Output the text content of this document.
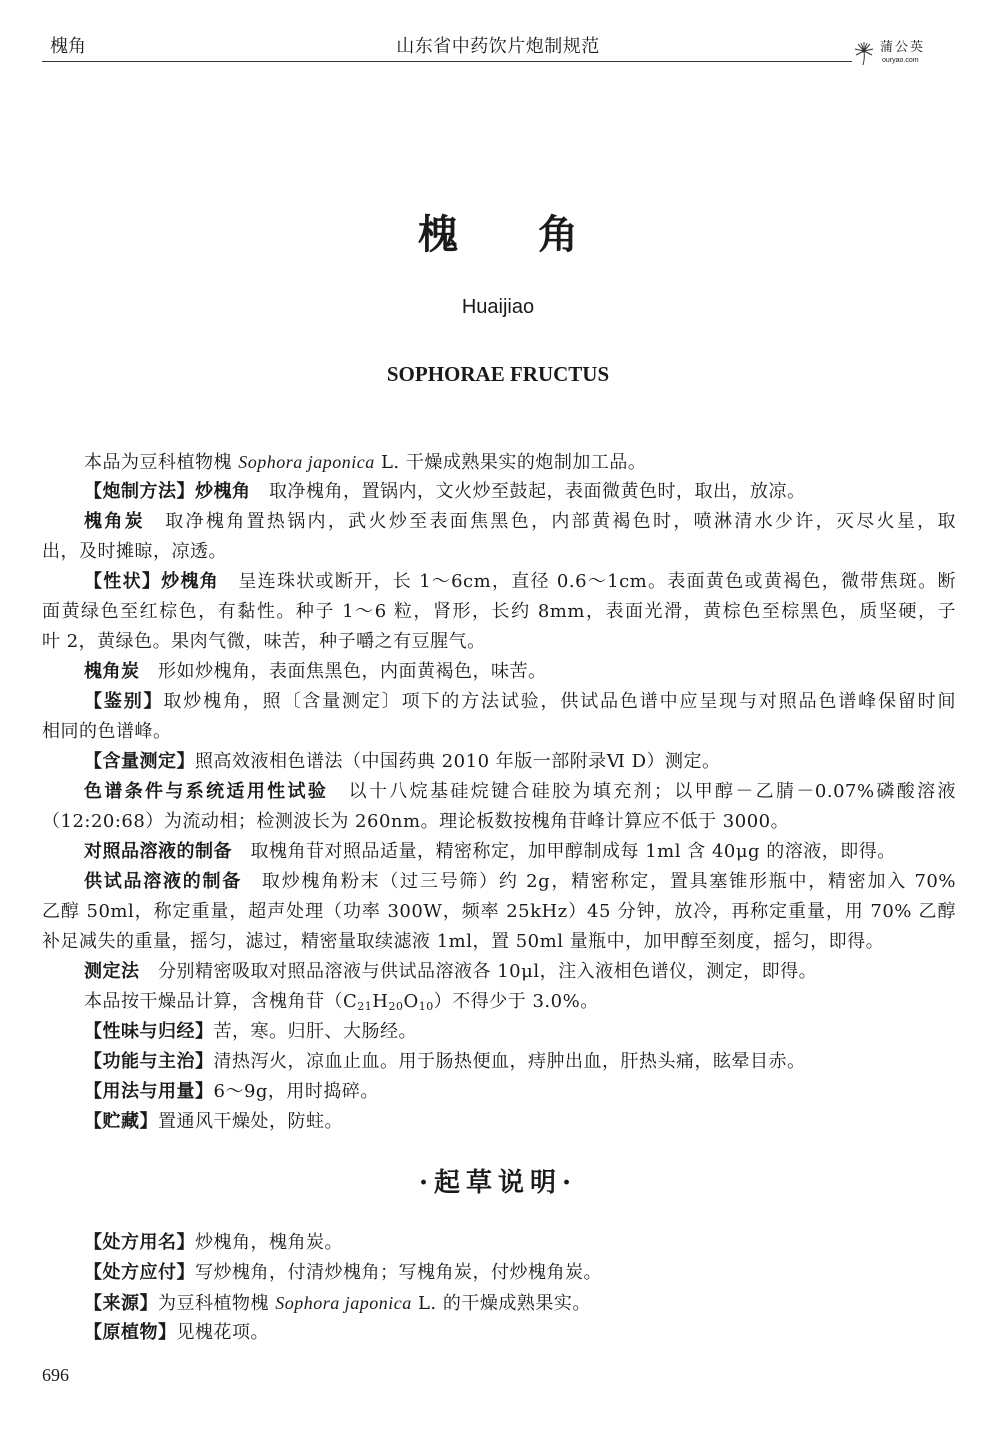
槐角	山东省中药饮片炮制规范	蒲公英
ouryao.com
槐　　角
Huaijiao
SOPHORAE FRUCTUS
本品为豆科植物槐 Sophora japonica L. 干燥成熟果实的炮制加工品。
【炮制方法】炒槐角　取净槐角，置锅内，文火炒至鼓起，表面微黄色时，取出，放凉。
槐角炭　取净槐角置热锅内，武火炒至表面焦黑色，内部黄褐色时，喷淋清水少许，灭尽火星，取
出，及时摊晾，凉透。
【性状】炒槐角　呈连珠状或断开，长 1～6cm，直径 0.6～1cm。表面黄色或黄褐色，微带焦斑。断
面黄绿色至红棕色，有黏性。种子 1～6 粒，肾形，长约 8mm，表面光滑，黄棕色至棕黑色，质坚硬，子
叶 2，黄绿色。果肉气微，味苦，种子嚼之有豆腥气。
槐角炭　形如炒槐角，表面焦黑色，内面黄褐色，味苦。
【鉴别】取炒槐角，照〔含量测定〕项下的方法试验，供试品色谱中应呈现与对照品色谱峰保留时间
相同的色谱峰。
【含量测定】照高效液相色谱法（中国药典 2010 年版一部附录Ⅵ D）测定。
色谱条件与系统适用性试验　以十八烷基硅烷键合硅胶为填充剂；以甲醇－乙腈－0.07%磷酸溶液
（12:20:68）为流动相；检测波长为 260nm。理论板数按槐角苷峰计算应不低于 3000。
对照品溶液的制备　取槐角苷对照品适量，精密称定，加甲醇制成每 1ml 含 40μg 的溶液，即得。
供试品溶液的制备　取炒槐角粉末（过三号筛）约 2g，精密称定，置具塞锥形瓶中，精密加入 70%
乙醇 50ml，称定重量，超声处理（功率 300W，频率 25kHz）45 分钟，放冷，再称定重量，用 70% 乙醇
补足减失的重量，摇匀，滤过，精密量取续滤液 1ml，置 50ml 量瓶中，加甲醇至刻度，摇匀，即得。
测定法　分别精密吸取对照品溶液与供试品溶液各 10μl，注入液相色谱仪，测定，即得。
本品按干燥品计算，含槐角苷$(C_{21}H_{20}O_{10})$不得少于 3.0%。
【性味与归经】苦，寒。归肝、大肠经。
【功能与主治】清热泻火，凉血止血。用于肠热便血，痔肿出血，肝热头痛，眩晕目赤。
【用法与用量】6～9g，用时捣碎。
【贮藏】置通风干燥处，防蛀。
·起草说明·
【处方用名】炒槐角，槐角炭。
【处方应付】写炒槐角，付清炒槐角；写槐角炭，付炒槐角炭。
【来源】为豆科植物槐 Sophora japonica L. 的干燥成熟果实。
【原植物】见槐花项。
696
